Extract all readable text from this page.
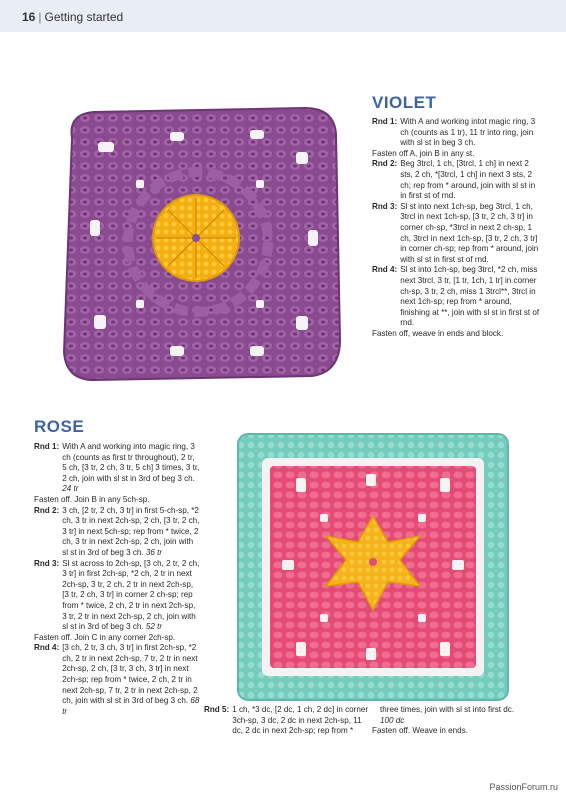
16 | Getting started
VIOLET
Rnd 1: With A and working intot magic ring, 3 ch (counts as 1 tr), 11 tr into ring, join with sl st in beg 3 ch.

Fasten off A, join B in any st.

Rnd 2: Beg 3trcl, 1 ch, [3trcl, 1 ch] in next 2 sts, 2 ch, *[3trcl, 1 ch] in next 3 sts, 2 ch; rep from * around, join with sl st in in first st of rnd.
Rnd 3: Sl st into next 1ch-sp, beg 3trcl, 1 ch, 3trcl in next 1ch-sp, [3 tr, 2 ch, 3 tr] in corner ch-sp, *3trcl in next 2 ch-sp, 1 ch, 3trcl in next 1ch-sp, [3 tr, 2 ch, 3 tr] in corner ch-sp; rep from * around, join with sl st in first st of rnd.
Rnd 4: Sl st into 1ch-sp, beg 3trcl, *2 ch, miss next 3trcl, 3 tr, [1 tr, 1ch, 1 tr] in corner ch-sp, 3 tr, 2 ch, miss 1 3trcl**, 3trcl in next 1ch-sp; rep from * around, finishing at **, join with sl st in first st of rnd.

Fasten off, weave in ends and block.

ROSE
Rnd 1: With A and working into magic ring, 3 ch (counts as first tr throughout), 2 tr, 5 ch, [3 tr, 2 ch, 3 tr, 5 ch] 3 times, 3 tr, 2 ch, join with sl st in 3rd of beg 3 ch. 24 tr

Fasten off. Join B in any 5ch-sp.

Rnd 2: 3 ch, [2 tr, 2 ch, 3 tr] in first 5-ch-sp, *2 ch, 3 tr in next 2ch-sp, 2 ch, [3 tr, 2 ch, 3 tr] in next 5ch-sp; rep from * twice, 2 ch, 3 tr in next 2ch-sp, 2 ch, join with sl st in 3rd of beg 3 ch. 36 tr
Rnd 3: Sl st across to 2ch-sp, [3 ch, 2 tr, 2 ch, 3 tr] in first 2ch-sp, *2 ch, 2 tr in next 2ch-sp, 3 tr, 2 ch, 2 tr in next 2ch-sp, [3 tr, 2 ch, 3 tr] in corner 2 ch-sp; rep from * twice, 2 ch, 2 tr in next 2ch-sp, 3 tr, 2 tr in next 2ch-sp, 2 ch, join with sl st in 3rd of beg 3 ch. 52 tr

Fasten off. Join C in any corner 2ch-sp.

Rnd 4: [3 ch, 2 tr, 3 ch, 3 tr] in first 2ch-sp, *2 ch, 2 tr in next 2ch-sp, 7 tr, 2 tr in next 2ch-sp, 2 ch, [3 tr, 3 ch, 3 tr] in next 2ch-sp; rep from * twice, 2 ch, 2 tr in next 2ch-sp, 7 tr, 2 tr in next 2ch-sp, 2 ch, join with sl st in 3rd of beg 3 ch. 68 tr	Rnd 5: 1 ch, *3 dc, [2 dc, 1 ch, 2 dc] in corner 3ch-sp, 3 dc, 2 dc in next 2ch-sp, 11 dc, 2 dc in next 2ch-sp; rep from *

three times, join with sl st into first dc.

100 dc

Fasten off. Weave in ends.

PassionForum.ru
